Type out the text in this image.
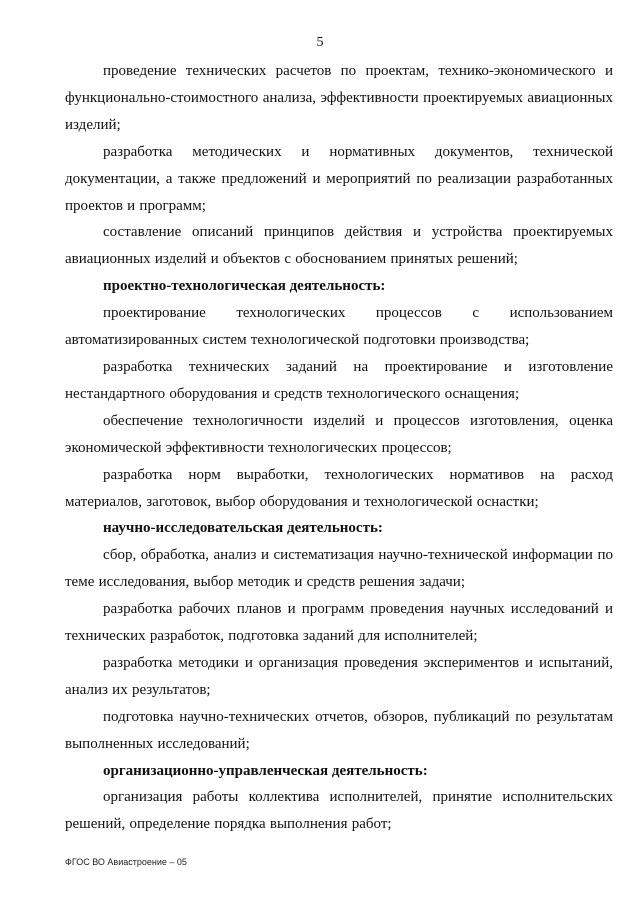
5

проведение технических расчетов по проектам, технико-экономического и функционально-стоимостного анализа, эффективности проектируемых авиационных изделий;

разработка методических и нормативных документов, технической документации, а также предложений и мероприятий по реализации разработанных проектов и программ;

составление описаний принципов действия и устройства проектируемых авиационных изделий и объектов с обоснованием принятых решений;

проектно-технологическая деятельность:

проектирование технологических процессов с использованием автоматизированных систем технологической подготовки производства;

разработка технических заданий на проектирование и изготовление нестандартного оборудования и средств технологического оснащения;

обеспечение технологичности изделий и процессов изготовления, оценка экономической эффективности технологических процессов;

разработка норм выработки, технологических нормативов на расход материалов, заготовок, выбор оборудования и технологической оснастки;

научно-исследовательская деятельность:

сбор, обработка, анализ и систематизация научно-технической информации по теме исследования, выбор методик и средств решения задачи;

разработка рабочих планов и программ проведения научных исследований и технических разработок, подготовка заданий для исполнителей;

разработка методики и организация проведения экспериментов и испытаний, анализ их результатов;

подготовка научно-технических отчетов, обзоров, публикаций по результатам выполненных исследований;

организационно-управленческая деятельность:

организация работы коллектива исполнителей, принятие исполнительских решений, определение порядка выполнения работ;

ФГОС ВО Авиастроение – 05
